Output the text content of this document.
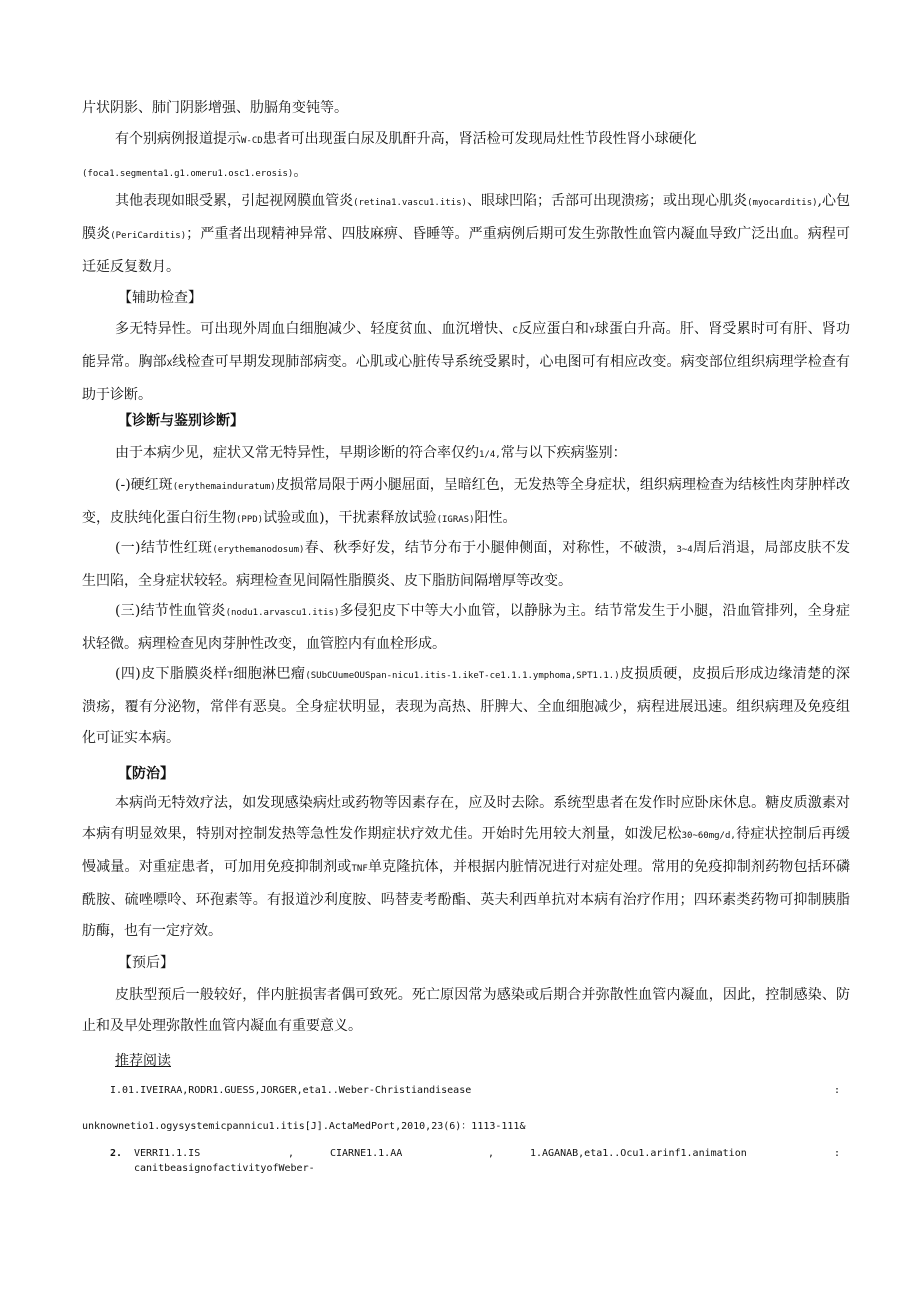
片状阴影、肺门阴影增强、肋膈角变钝等。

有个别病例报道提示W-CD患者可出现蛋白尿及肌酐升高，肾活检可发现局灶性节段性肾小球硬化
(foca1.segmenta1.g1.omeru1.osc1.erosis)。

其他表现如眼受累，引起视网膜血管炎(retina1.vascu1.itis)、眼球凹陷；舌部可出现溃疡；或出现心肌炎(myocarditis),心包膜炎(PeriCarditis)；严重者出现精神异常、四肢麻痹、昏睡等。严重病例后期可发生弥散性血管内凝血导致广泛出血。病程可迁延反复数月。

【辅助检查】

多无特异性。可出现外周血白细胞减少、轻度贫血、血沉增快、C反应蛋白和Y球蛋白升高。肝、肾受累时可有肝、肾功能异常。胸部X线检查可早期发现肺部病变。心肌或心脏传导系统受累时，心电图可有相应改变。病变部位组织病理学检查有助于诊断。

【诊断与鉴别诊断】

由于本病少见，症状又常无特异性，早期诊断的符合率仅约1/4,常与以下疾病鉴别：

(-)硬红斑(erythemainduratum)皮损常局限于两小腿屈面，呈暗红色，无发热等全身症状，组织病理检查为结核性肉芽肿样改变，皮肤纯化蛋白衍生物(PPD)试验或血)，干扰素释放试验(IGRAS)阳性。

(一)结节性红斑(erythemanodosum)春、秋季好发，结节分布于小腿伸侧面，对称性，不破溃，3~4周后消退，局部皮肤不发生凹陷，全身症状较轻。病理检查见间隔性脂膜炎、皮下脂肪间隔增厚等改变。

(三)结节性血管炎(nodu1.arvascu1.itis)多侵犯皮下中等大小血管，以静脉为主。结节常发生于小腿，沿血管排列，全身症状轻微。病理检查见肉芽肿性改变，血管腔内有血栓形成。

(四)皮下脂膜炎样T细胞淋巴瘤(SUbCUumeOUSpan-nicu1.itis-1.ikeT-ce1.1.1.ymphoma,SPT1.1.)皮损质硬，皮损后形成边缘清楚的深溃疡，覆有分泌物，常伴有恶臭。全身症状明显，表现为高热、肝脾大、全血细胞减少，病程进展迅速。组织病理及免疫组化可证实本病。

【防治】

本病尚无特效疗法，如发现感染病灶或药物等因素存在，应及时去除。系统型患者在发作时应卧床休息。糖皮质激素对本病有明显效果，特别对控制发热等急性发作期症状疗效尤佳。开始时先用较大剂量，如泼尼松30~60mg/d,待症状控制后再缓慢减量。对重症患者，可加用免疫抑制剂或TNF单克隆抗体，并根据内脏情况进行对症处理。常用的免疫抑制剂药物包括环磷酰胺、硫唑嘌呤、环孢素等。有报道沙利度胺、吗替麦考酚酯、英夫利西单抗对本病有治疗作用；四环素类药物可抑制胰脂肪酶，也有一定疗效。

【预后】

皮肤型预后一般较好，伴内脏损害者偶可致死。死亡原因常为感染或后期合并弥散性血管内凝血，因此，控制感染、防止和及早处理弥散性血管内凝血有重要意义。

推荐阅读
I.01.IVEIRAA,RODR1.GUESS,JORGER,eta1..Weber-Christiandisease	:
unknownetio1.ogysystemicpannicu1.itis[J].ActaMedPort,2010,23(6)：1113-111&
2. VERRI1.1.IS	,	CIARNE1.1.AA	,	1.AGANAB,eta1..Ocu1.arinf1.animation	:
canitbeasignofactivityofWeber-
